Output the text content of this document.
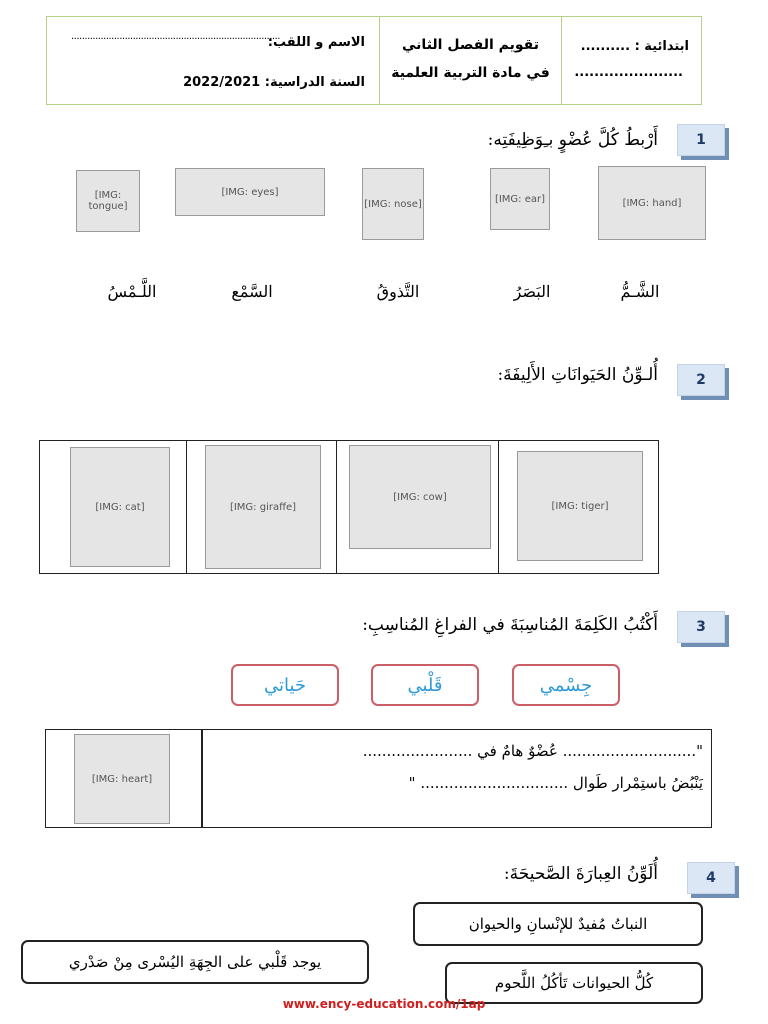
الاسم و اللقب:
..............................................................................
السنة الدراسية: 2022/2021
تقويم الفصل الثاني
في مادة التربية العلمية
ابتدائية : ..........
......................
1
أَرْبطُ كُلَّ عُضْوٍ بـِوَظِيفَتِه:
[IMG: hand]
[IMG: ear]
[IMG: nose]
[IMG: eyes]
[IMG: tongue]
الشَّـمُّ
البَصَرُ
التَّذوقُ
السَّمْع
اللَّـمْسُ
2
أُلـوِّنُ الحَيَوانَاتِ الأَلِيفَةَ:
[IMG: cat]	[IMG: giraffe]
[IMG: cow]
[IMG: tiger]
3
أَكْتُبُ الكَلِمَةَ المُناسِبَةَ في الفراغِ المُناسِبِ:
جِسْمي
قَلْبي
حَياتي
[IMG: heart]
"............................ عُضْوٌ هامٌ في .......................
يَنْبُضُ باستِمْرار طَوال ............................... "
4
أُلَوِّنُ العِبارَةَ الصَّحيحَةَ:
النباتُ مُفيدٌ للإنْسانِ والحيوان
يوجد قَلْبي على الجِهَةِ اليُسْرى مِنْ صَدْري
كُلُّ الحيوانات تَأكُلُ اللَّحوم
www.ency-education.com/1ap
